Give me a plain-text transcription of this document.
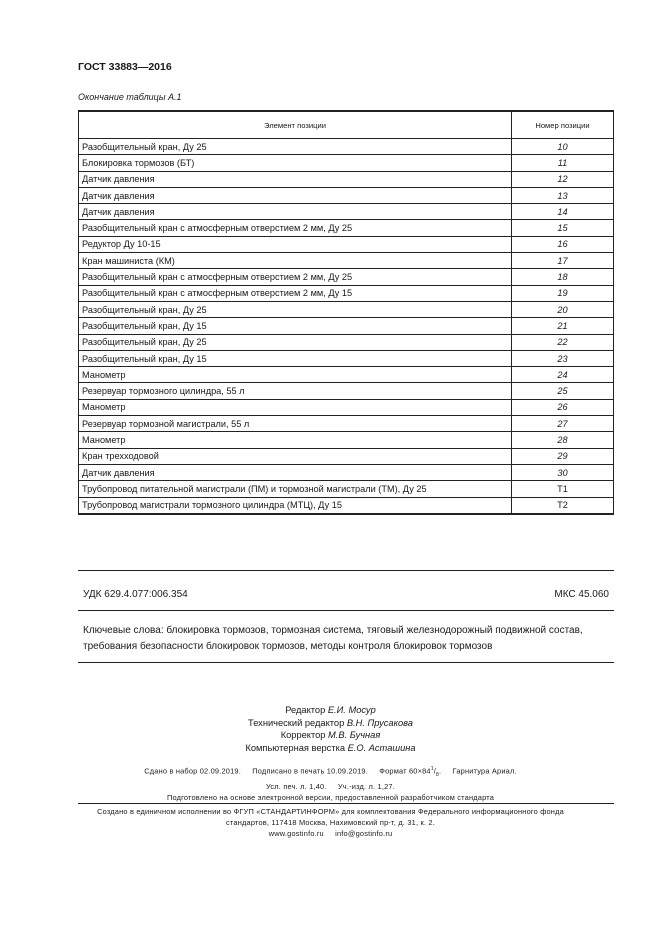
ГОСТ 33883—2016
Окончание таблицы А.1
Элемент позиции	Номер позиции
Разобщительный кран, Ду 25	10
Блокировка тормозов (БТ)	11
Датчик давления	12
Датчик давления	13
Датчик давления	14
Разобщительный кран с атмосферным отверстием 2 мм, Ду 25	15
Редуктор Ду 10-15	16
Кран машиниста (КМ)	17
Разобщительный кран с атмосферным отверстием 2 мм, Ду 25	18
Разобщительный кран с атмосферным отверстием 2 мм, Ду 15	19
Разобщительный кран, Ду 25	20
Разобщительный кран, Ду 15	21
Разобщительный кран, Ду 25	22
Разобщительный кран, Ду 15	23
Манометр	24
Резервуар тормозного цилиндра, 55 л	25
Манометр	26
Резервуар тормозной магистрали, 55 л	27
Манометр	28
Кран трехходовой	29
Датчик давления	30
Трубопровод питательной магистрали (ПМ) и тормозной магистрали (ТМ), Ду 25	Т1
Трубопровод магистрали тормозного цилиндра (МТЦ), Ду 15	Т2
УДК 629.4.077:006.354	МКС 45.060
Ключевые слова: блокировка тормозов, тормозная система, тяговый железнодорожный подвижной состав, требования безопасности блокировок тормозов, методы контроля блокировок тормозов
Редактор Е.И. Мосур
Технический редактор В.Н. Прусакова
Корректор М.В. Бучная
Компьютерная верстка Е.О. Асташина
Сдано в набор 02.09.2019. Подписано в печать 10.09.2019. Формат $60\times 84^1/_8$. Гарнитура Ариал.
Усл. печ. л. 1,40. Уч.-изд. л. 1,27.
Подготовлено на основе электронной версии, предоставленной разработчиком стандарта
Создано в единичном исполнении во ФГУП «СТАНДАРТИНФОРМ» для комплектования Федерального информационного фонда
стандартов, 117418 Москва, Нахимовский пр-т, д. 31, к. 2.
www.gostinfo.ru info@gostinfo.ru
